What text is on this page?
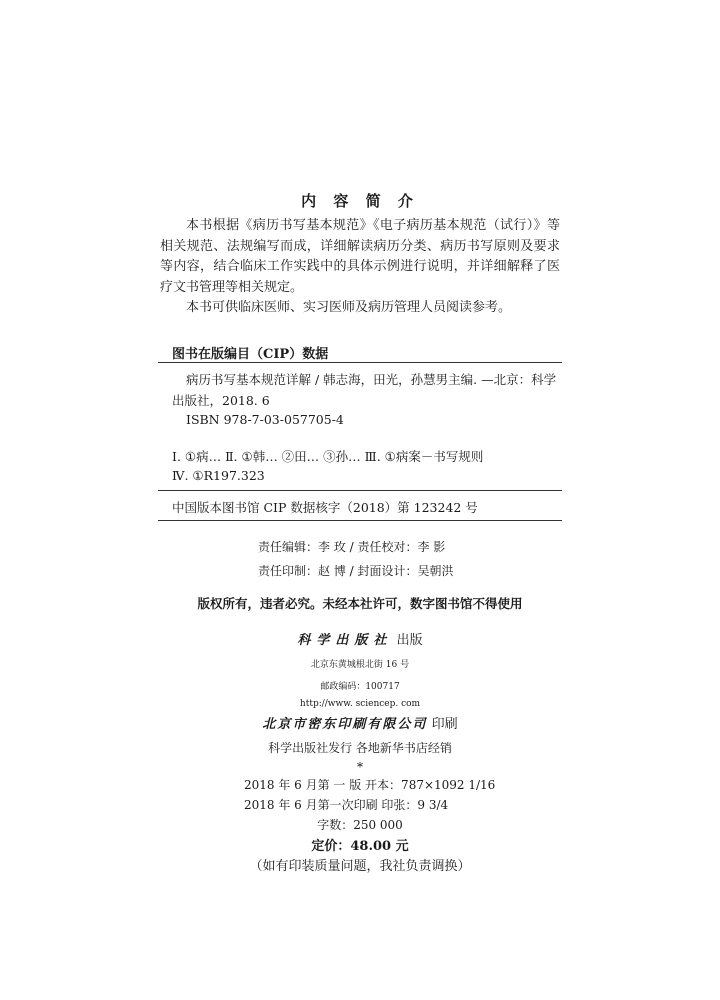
内 容 简 介
本书根据《病历书写基本规范》《电子病历基本规范（试行）》等相关规范、法规编写而成，详细解读病历分类、病历书写原则及要求等内容，结合临床工作实践中的具体示例进行说明，并详细解释了医疗文书管理等相关规定。
本书可供临床医师、实习医师及病历管理人员阅读参考。
图书在版编目（CIP）数据
病历书写基本规范详解 / 韩志海，田光，孙慧男主编. —北京：科学
出版社，2018. 6
ISBN 978-7-03-057705-4
Ⅰ. ①病… Ⅱ. ①韩… ②田… ③孙… Ⅲ. ①病案－书写规则
Ⅳ. ①R197.323
中国版本图书馆 CIP 数据核字（2018）第 123242 号
责任编辑：李 玫 / 责任校对：李 影
责任印制：赵 博 / 封面设计：吴朝洪
版权所有，违者必究。未经本社许可，数字图书馆不得使用
科学出版社 出版
北京东黄城根北街 16 号
邮政编码：100717
http://www. sciencep. com
北京市密东印刷有限公司 印刷
科学出版社发行 各地新华书店经销
*
2018 年 6 月第 一 版 开本：787×1092 1/16
2018 年 6 月第一次印刷 印张：9 3/4
字数：250 000
定价：48.00 元
（如有印装质量问题，我社负责调换）
